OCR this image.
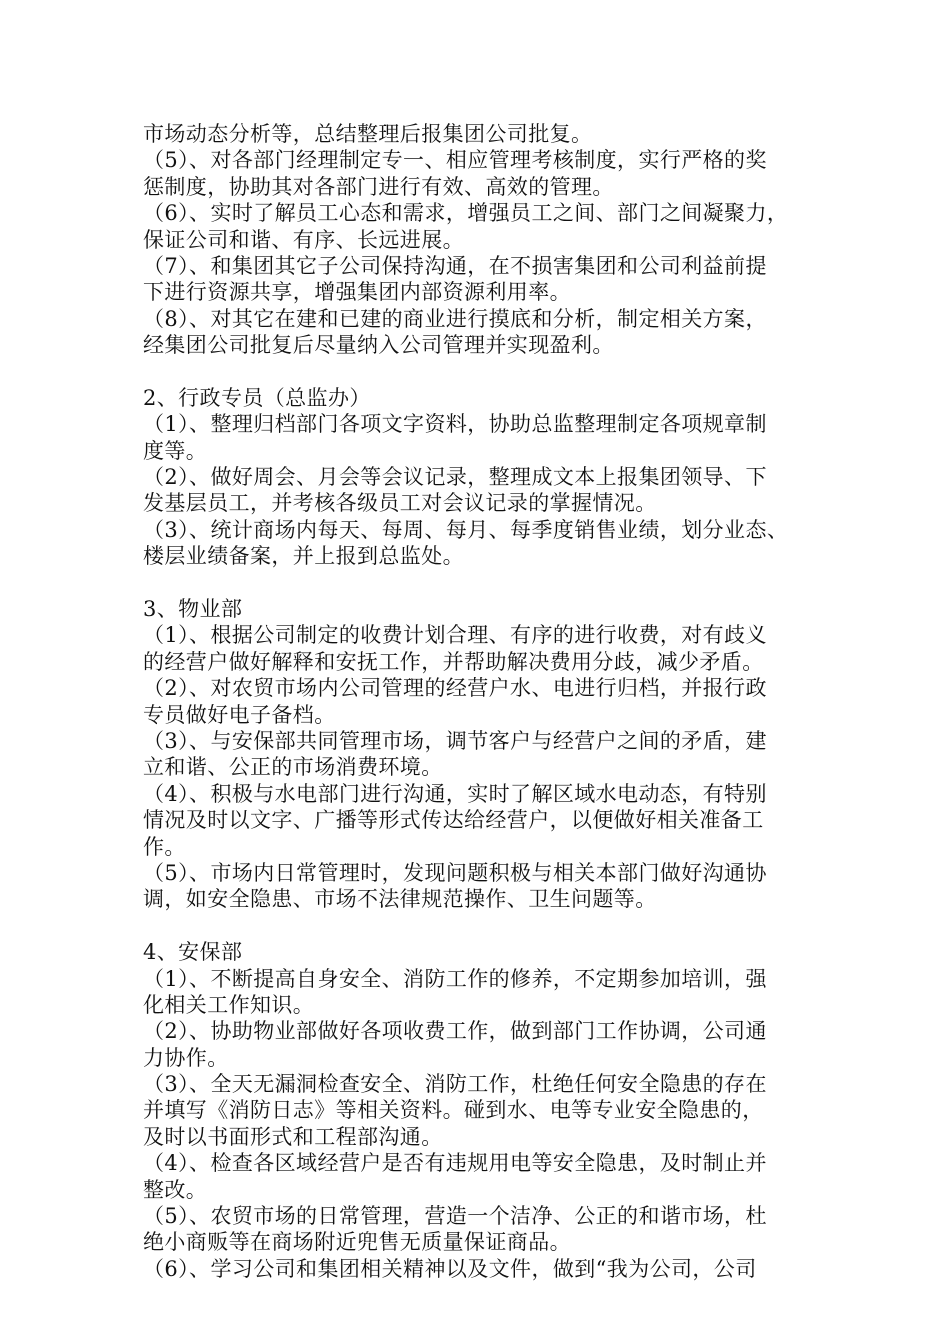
市场动态分析等，总结整理后报集团公司批复。
（5）、对各部门经理制定专一、相应管理考核制度，实行严格的奖
惩制度，协助其对各部门进行有效、高效的管理。
（6）、实时了解员工心态和需求，增强员工之间、部门之间凝聚力，
保证公司和谐、有序、长远进展。
（7）、和集团其它子公司保持沟通，在不损害集团和公司利益前提
下进行资源共享，增强集团内部资源利用率。
（8）、对其它在建和已建的商业进行摸底和分析，制定相关方案，
经集团公司批复后尽量纳入公司管理并实现盈利。
2、行政专员（总监办）
（1）、整理归档部门各项文字资料，协助总监整理制定各项规章制
度等。
（2）、做好周会、月会等会议记录，整理成文本上报集团领导、下
发基层员工，并考核各级员工对会议记录的掌握情况。
（3）、统计商场内每天、每周、每月、每季度销售业绩，划分业态、
楼层业绩备案，并上报到总监处。
3、物业部
（1）、根据公司制定的收费计划合理、有序的进行收费，对有歧义
的经营户做好解释和安抚工作，并帮助解决费用分歧，减少矛盾。
（2）、对农贸市场内公司管理的经营户水、电进行归档，并报行政
专员做好电子备档。
（3）、与安保部共同管理市场，调节客户与经营户之间的矛盾，建
立和谐、公正的市场消费环境。
（4）、积极与水电部门进行沟通，实时了解区域水电动态，有特别
情况及时以文字、广播等形式传达给经营户，以便做好相关准备工
作。
（5）、市场内日常管理时，发现问题积极与相关本部门做好沟通协
调，如安全隐患、市场不法律规范操作、卫生问题等。
4、安保部
（1）、不断提高自身安全、消防工作的修养，不定期参加培训，强
化相关工作知识。
（2）、协助物业部做好各项收费工作，做到部门工作协调，公司通
力协作。
（3）、全天无漏洞检查安全、消防工作，杜绝任何安全隐患的存在
并填写《消防日志》等相关资料。碰到水、电等专业安全隐患的，
及时以书面形式和工程部沟通。
（4）、检查各区域经营户是否有违规用电等安全隐患，及时制止并
整改。
（5）、农贸市场的日常管理，营造一个洁净、公正的和谐市场，杜
绝小商贩等在商场附近兜售无质量保证商品。
（6）、学习公司和集团相关精神以及文件，做到“我为公司，公司
